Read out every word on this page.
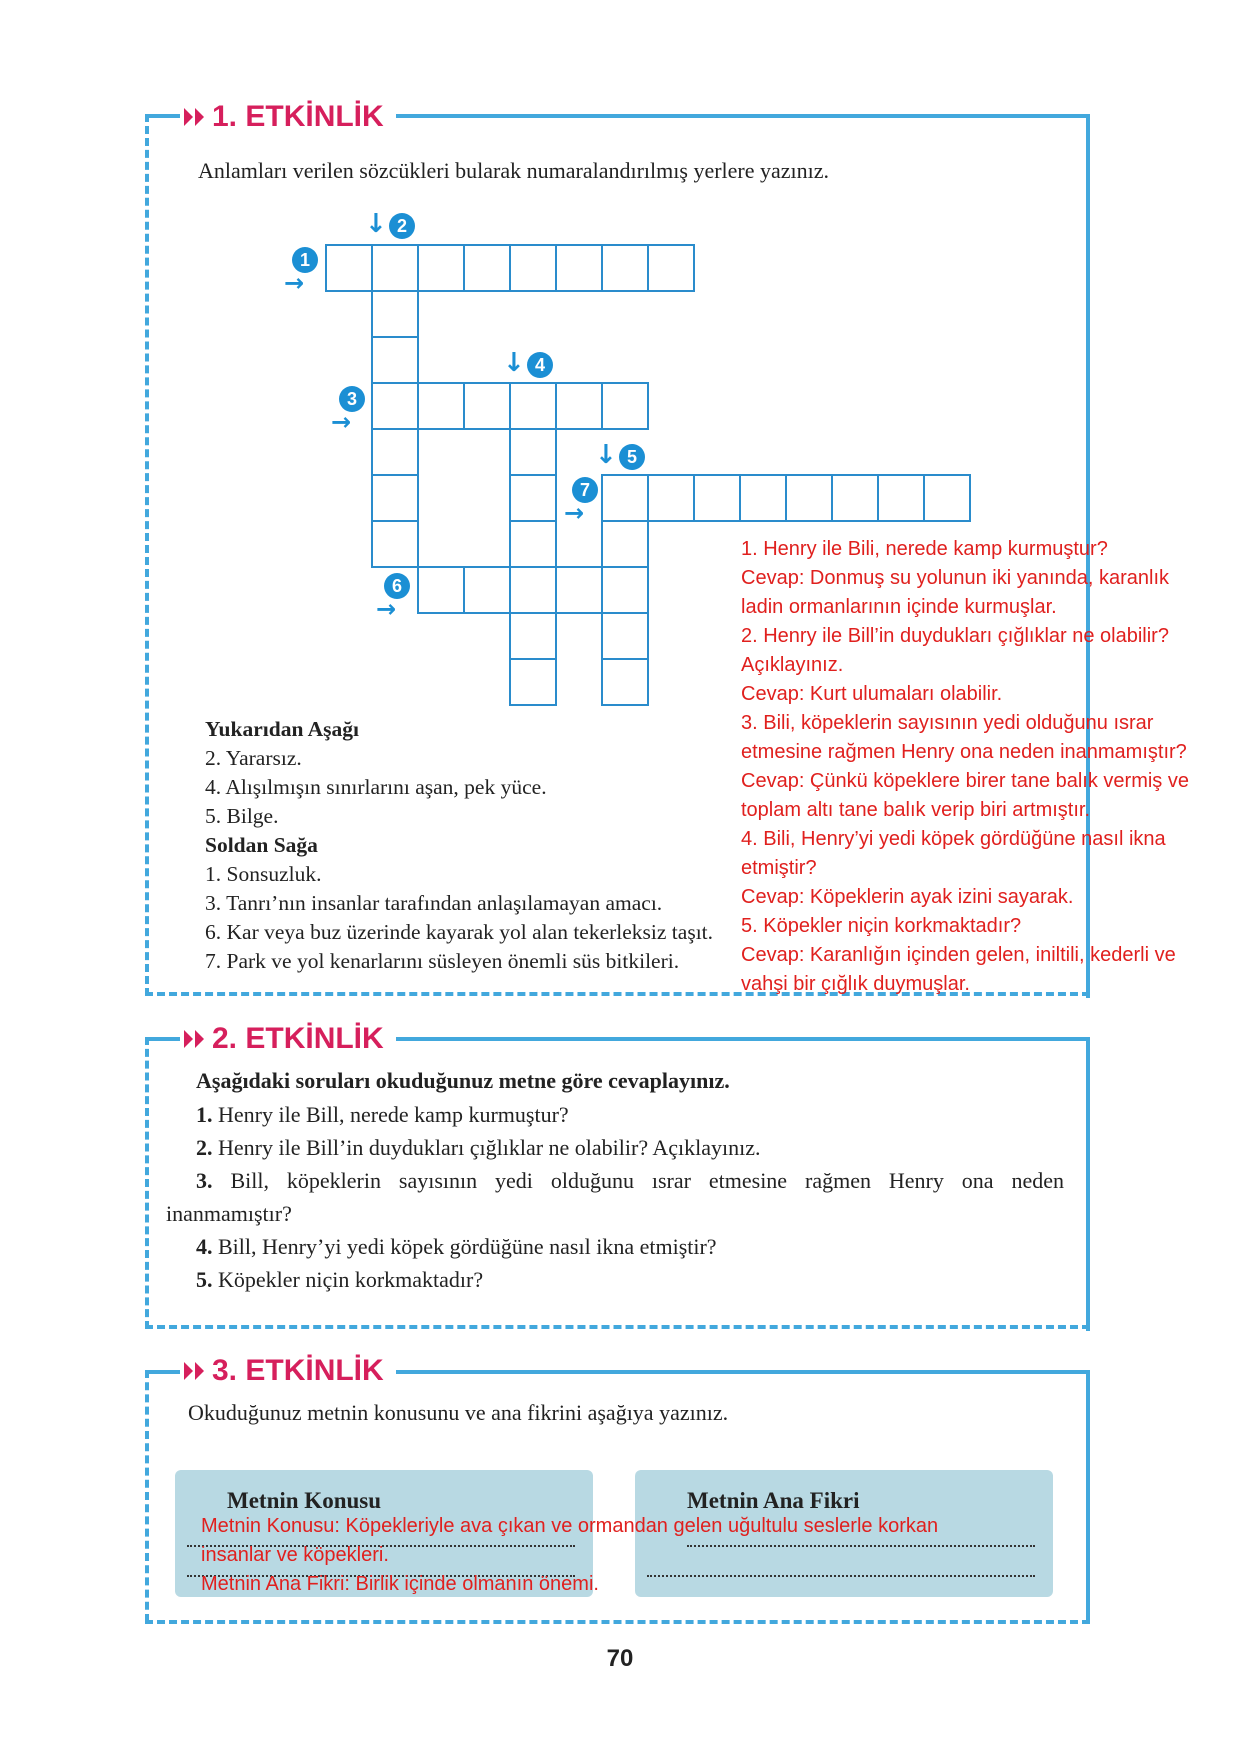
1. ETKİNLİK
Anlamları verilen sözcükleri bularak numaralandırılmış yerlere yazınız.
1
→
2
↓
3
→
4
↓
5
↓
6
→
7
→
Yukarıdan Aşağı
2. Yararsız.
4. Alışılmışın sınırlarını aşan, pek yüce.
5. Bilge.
Soldan Sağa
1. Sonsuzluk.
3. Tanrı’nın insanlar tarafından anlaşılamayan amacı.
6. Kar veya buz üzerinde kayarak yol alan tekerleksiz taşıt.
7. Park ve yol kenarlarını süsleyen önemli süs bitkileri.
1. Henry ile Bili, nerede kamp kurmuştur?
Cevap: Donmuş su yolunun iki yanında, karanlık
ladin ormanlarının içinde kurmuşlar.
2. Henry ile Bill’in duydukları çığlıklar ne olabilir?
Açıklayınız.
Cevap: Kurt ulumaları olabilir.
3. Bili, köpeklerin sayısının yedi olduğunu ısrar
etmesine rağmen Henry ona neden inanmamıştır?
Cevap: Çünkü köpeklere birer tane balık vermiş ve
toplam altı tane balık verip biri artmıştır.
4. Bili, Henry’yi yedi köpek gördüğüne nasıl ikna
etmiştir?
Cevap: Köpeklerin ayak izini sayarak.
5. Köpekler niçin korkmaktadır?
Cevap: Karanlığın içinden gelen, iniltili, kederli ve
vahşi bir çığlık duymuşlar.
2. ETKİNLİK
Aşağıdaki soruları okuduğunuz metne göre cevaplayınız.
1. Henry ile Bill, nerede kamp kurmuştur?
2. Henry ile Bill’in duydukları çığlıklar ne olabilir? Açıklayınız.
3. Bill, köpeklerin sayısının yedi olduğunu ısrar etmesine rağmen Henry ona neden
inanmamıştır?
4. Bill, Henry’yi yedi köpek gördüğüne nasıl ikna etmiştir?
5. Köpekler niçin korkmaktadır?
3. ETKİNLİK
Okuduğunuz metnin konusunu ve ana fikrini aşağıya yazınız.
Metnin Konusu	Metnin Ana Fikri
Metnin Konusu: Köpekleriyle ava çıkan ve ormandan gelen uğultulu seslerle korkan
insanlar ve köpekleri.
Metnin Ana Fikri: Birlik içinde olmanın önemi.
70
